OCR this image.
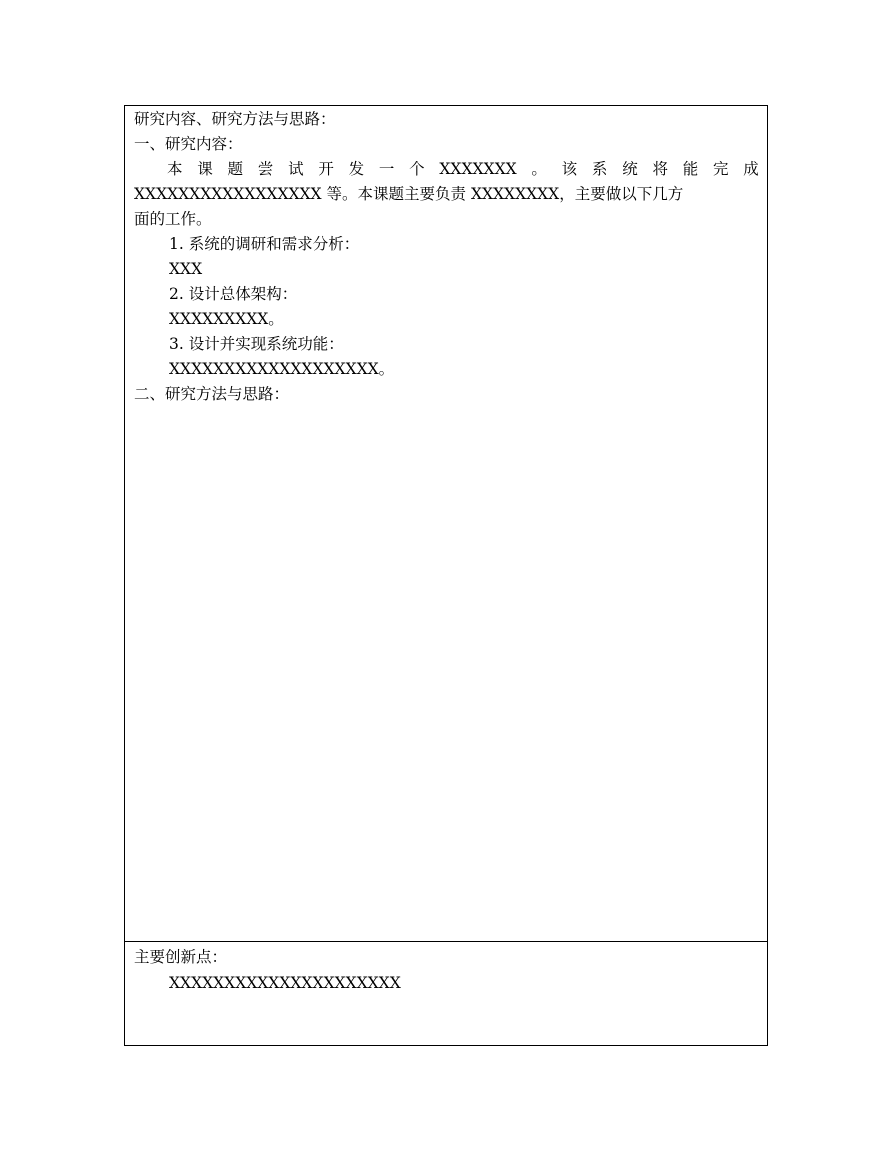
研究内容、研究方法与思路：
一、研究内容：
本 课 题 尝 试 开 发 一 个 XXXXXXX 。 该 系 统 将 能 完 成
XXXXXXXXXXXXXXXXX 等。本课题主要负责 XXXXXXXX，主要做以下几方
面的工作。
1. 系统的调研和需求分析：
XXX
2. 设计总体架构：
XXXXXXXXX。
3. 设计并实现系统功能：
XXXXXXXXXXXXXXXXXXX。
二、研究方法与思路：
主要创新点：
XXXXXXXXXXXXXXXXXXXXX
